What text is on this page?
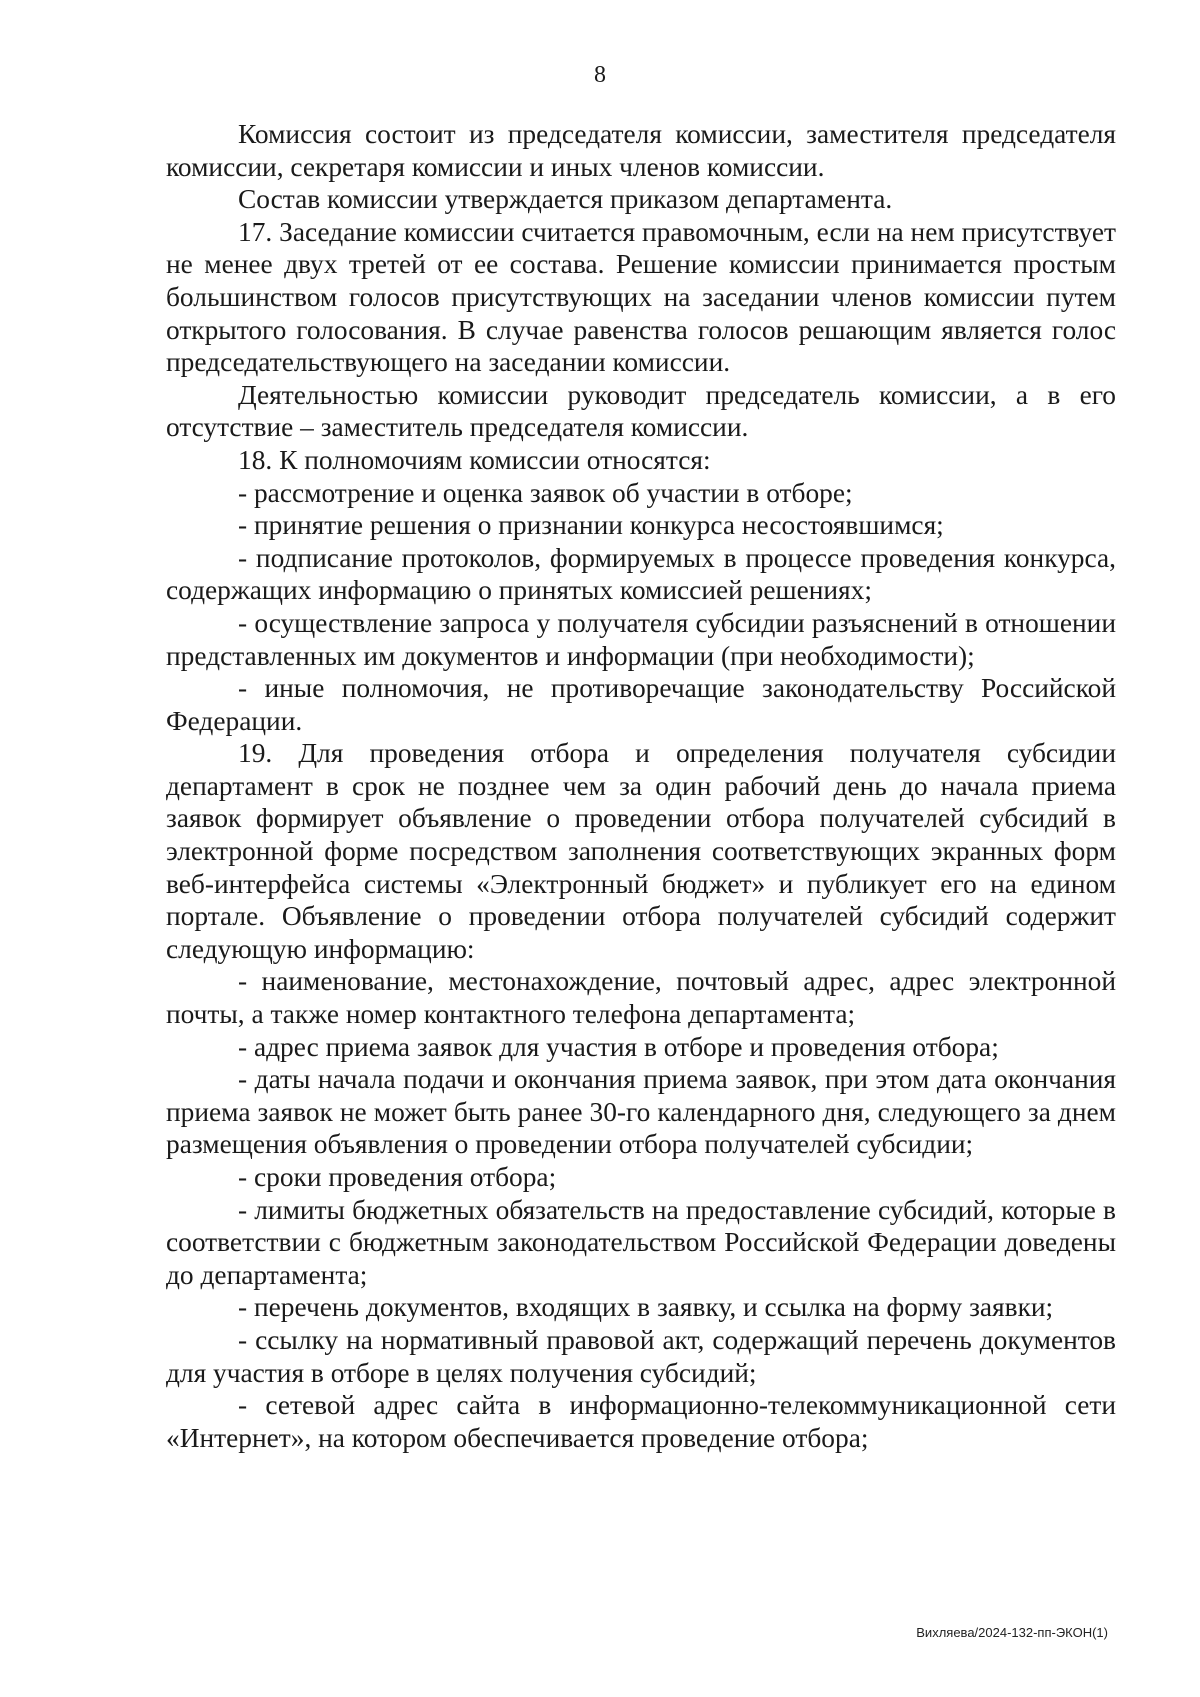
8

Комиссия состоит из председателя комиссии, заместителя председателя комиссии, секретаря комиссии и иных членов комиссии.

Состав комиссии утверждается приказом департамента.

17. Заседание комиссии считается правомочным, если на нем присутствует не менее двух третей от ее состава. Решение комиссии принимается простым большинством голосов присутствующих на заседании членов комиссии путем открытого голосования. В случае равенства голосов решающим является голос председательствующего на заседании комиссии.

Деятельностью комиссии руководит председатель комиссии, а в его отсутствие – заместитель председателя комиссии.

18. К полномочиям комиссии относятся:

- рассмотрение и оценка заявок об участии в отборе;

- принятие решения о признании конкурса несостоявшимся;

- подписание протоколов, формируемых в процессе проведения конкурса, содержащих информацию о принятых комиссией решениях;

- осуществление запроса у получателя субсидии разъяснений в отношении представленных им документов и информации (при необходимости);

- иные полномочия, не противоречащие законодательству Российской Федерации.

19. Для проведения отбора и определения получателя субсидии департамент в срок не позднее чем за один рабочий день до начала приема заявок формирует объявление о проведении отбора получателей субсидий в электронной форме посредством заполнения соответствующих экранных форм веб-интерфейса системы «Электронный бюджет» и публикует его на едином портале. Объявление о проведении отбора получателей субсидий содержит следующую информацию:

- наименование, местонахождение, почтовый адрес, адрес электронной почты, а также номер контактного телефона департамента;

- адрес приема заявок для участия в отборе и проведения отбора;

- даты начала подачи и окончания приема заявок, при этом дата окончания приема заявок не может быть ранее 30-го календарного дня, следующего за днем размещения объявления о проведении отбора получателей субсидии;

- сроки проведения отбора;

- лимиты бюджетных обязательств на предоставление субсидий, которые в соответствии с бюджетным законодательством Российской Федерации доведены до департамента;

- перечень документов, входящих в заявку, и ссылка на форму заявки;

- ссылку на нормативный правовой акт, содержащий перечень документов для участия в отборе в целях получения субсидий;

- сетевой адрес сайта в информационно-телекоммуникационной сети «Интернет», на котором обеспечивается проведение отбора;

Вихляева/2024-132-пп-ЭКОН(1)
